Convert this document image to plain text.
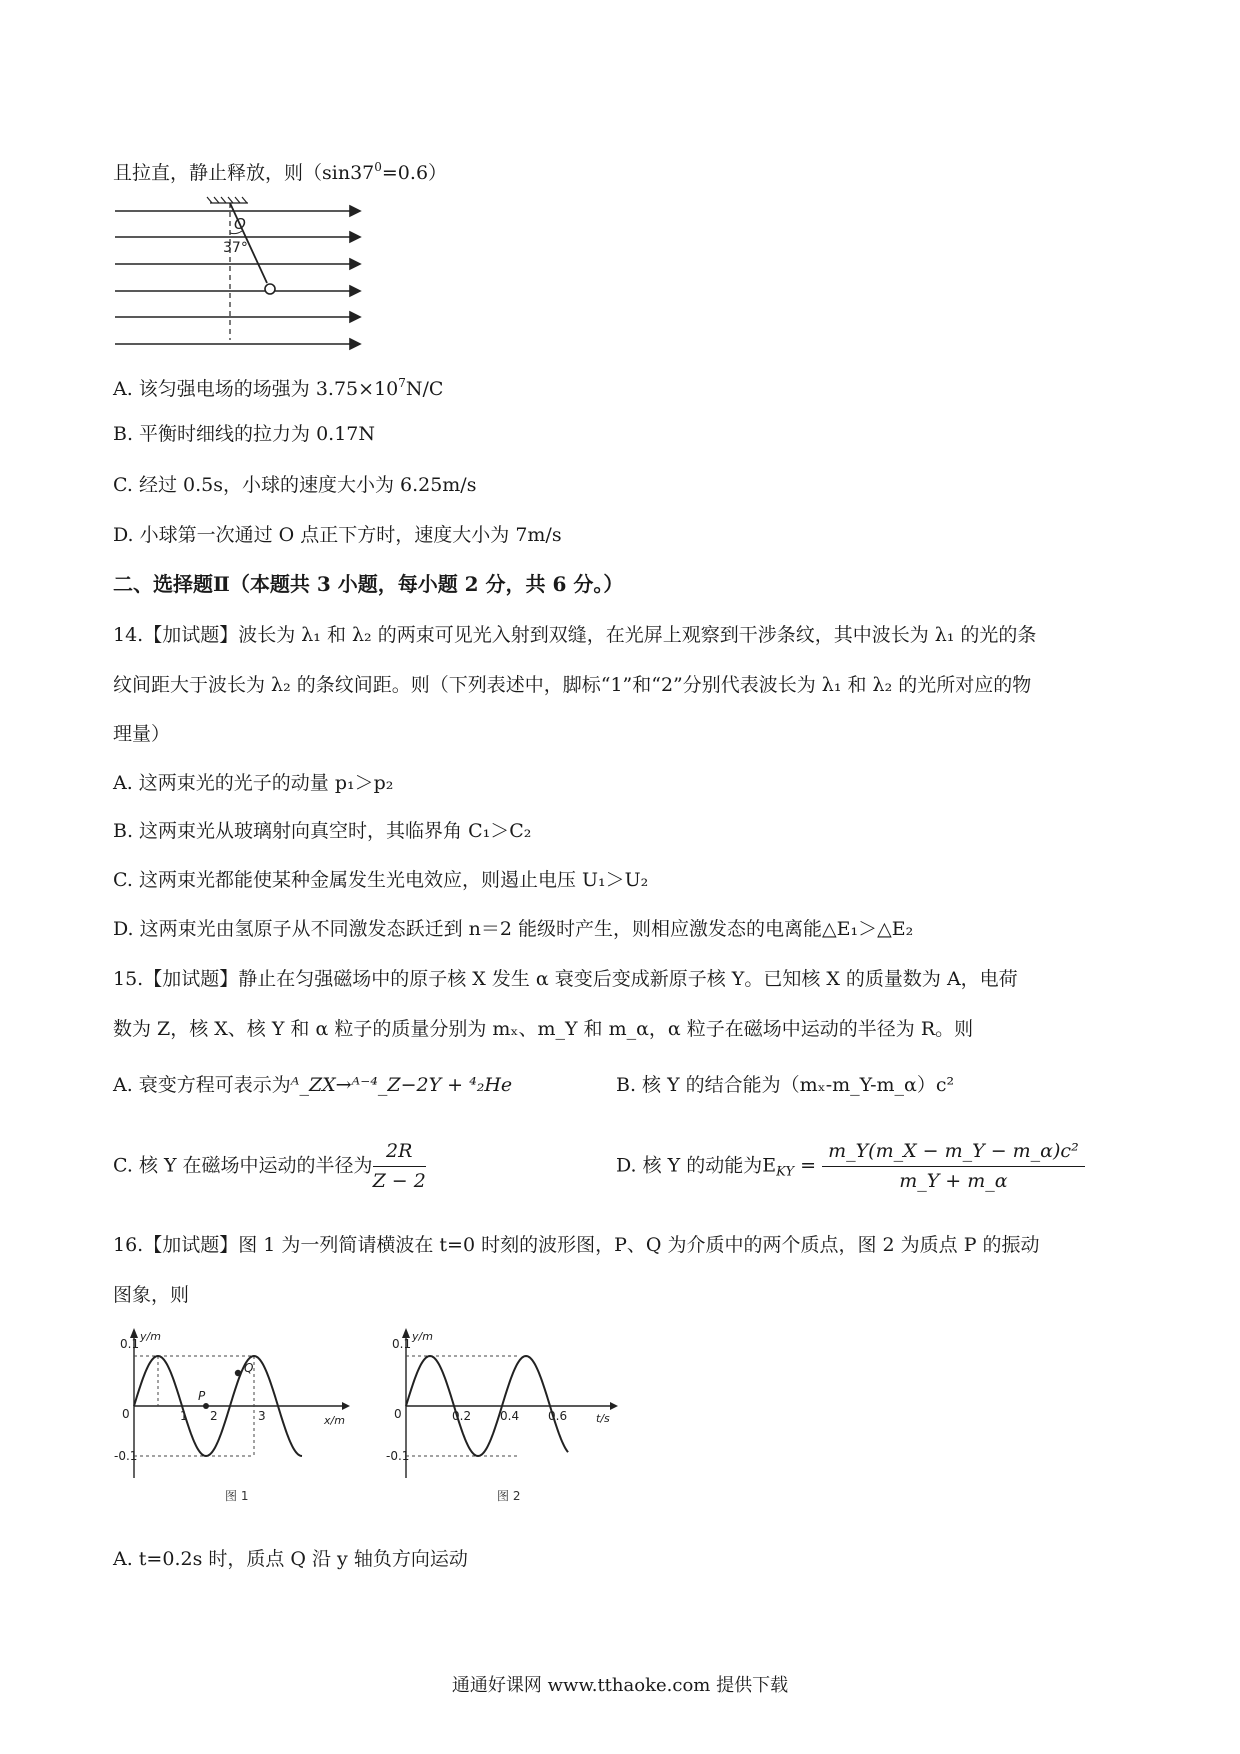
且拉直，静止释放，则$(\sin 37^0=0.6)$
O
37°
A. 该匀强电场的场强为 $3.75\times 10^7N/C$
B. 平衡时细线的拉力为 0.17N
C. 经过 0.5s，小球的速度大小为 6.25m/s
D. 小球第一次通过 O 点正下方时，速度大小为 7m/s
二、选择题Ⅱ（本题共 3 小题，每小题 2 分，共 6 分。）
14.【加试题】波长为 λ₁ 和 λ₂ 的两束可见光入射到双缝，在光屏上观察到干涉条纹，其中波长为 λ₁ 的光的条
纹间距大于波长为 λ₂ 的条纹间距。则（下列表述中，脚标“1”和“2”分别代表波长为 λ₁ 和 λ₂ 的光所对应的物
理量）
A. 这两束光的光子的动量 p₁＞p₂
B. 这两束光从玻璃射向真空时，其临界角 C₁＞C₂
C. 这两束光都能使某种金属发生光电效应，则遏止电压 U₁＞U₂
D. 这两束光由氢原子从不同激发态跃迁到 n＝2 能级时产生，则相应激发态的电离能△E₁＞△E₂
15.【加试题】静止在匀强磁场中的原子核 X 发生 α 衰变后变成新原子核 Y。已知核 X 的质量数为 A，电荷
数为 Z，核 X、核 Y 和 α 粒子的质量分别为 mₓ、m_Y 和 m_α，α 粒子在磁场中运动的半径为 R。则
A. 衰变方程可表示为ᴬ_ZX→ᴬ⁻⁴_Z−2Y + ⁴₂He	B. 核 Y 的结合能为（mₓ-m_Y-m_α）c²
C. 核 Y 在磁场中运动的半径为 $\frac{2R}{Z - 2}$	D. 核 Y 的动能为$E_{KY} = \frac{\text{m\_Y(m\_X − m\_Y − m\_α)c²}}{m\_Y + m\_\alpha}$
16.【加试题】图 1 为一列简请横波在 t=0 时刻的波形图，P、Q 为介质中的两个质点，图 2 为质点 P 的振动
图象，则
0.1
-0.1
0
y/m
x/m
1 2	3
P
Q
图 1
0.1
-0.1
0
y/m
t/s
0.2 0.4 0.6
图 2
A. t=0.2s 时，质点 Q 沿 y 轴负方向运动
通通好课网 www.tthaoke.com 提供下载
